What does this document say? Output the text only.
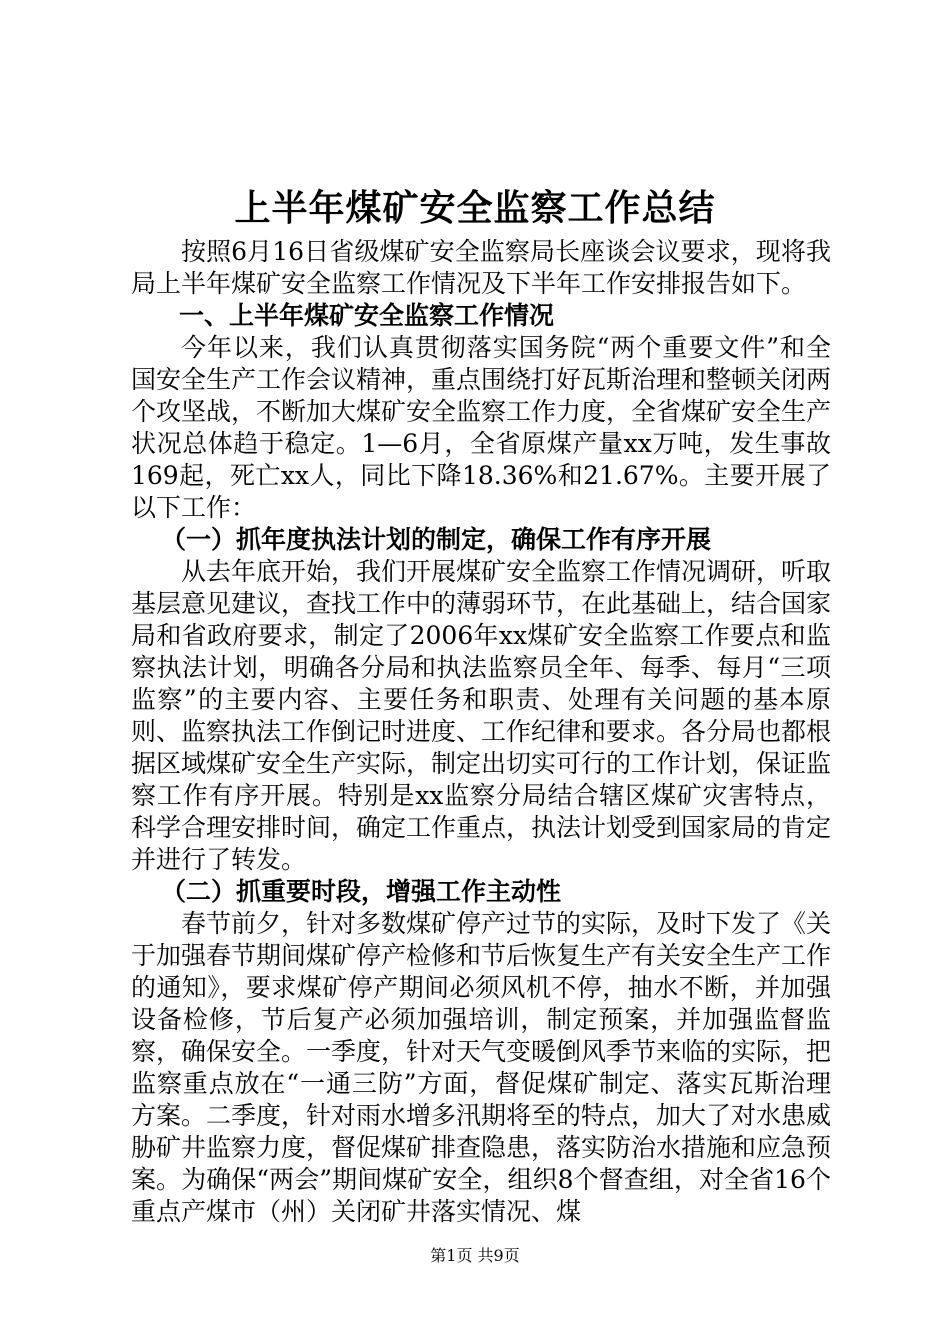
上半年煤矿安全监察工作总结

按照6月16日省级煤矿安全监察局长座谈会议要求，现将我局上半年煤矿安全监察工作情况及下半年工作安排报告如下。

一、上半年煤矿安全监察工作情况

今年以来，我们认真贯彻落实国务院“两个重要文件”和全国安全生产工作会议精神，重点围绕打好瓦斯治理和整顿关闭两个攻坚战，不断加大煤矿安全监察工作力度，全省煤矿安全生产状况总体趋于稳定。1—6月，全省原煤产量xx万吨，发生事故169起，死亡xx人，同比下降18.36%和21.67%。主要开展了以下工作：

（一）抓年度执法计划的制定，确保工作有序开展

从去年底开始，我们开展煤矿安全监察工作情况调研，听取基层意见建议，查找工作中的薄弱环节，在此基础上，结合国家局和省政府要求，制定了2006年xx煤矿安全监察工作要点和监察执法计划，明确各分局和执法监察员全年、每季、每月“三项监察”的主要内容、主要任务和职责、处理有关问题的基本原则、监察执法工作倒记时进度、工作纪律和要求。各分局也都根据区域煤矿安全生产实际，制定出切实可行的工作计划，保证监察工作有序开展。特别是xx监察分局结合辖区煤矿灾害特点，科学合理安排时间，确定工作重点，执法计划受到国家局的肯定并进行了转发。

（二）抓重要时段，增强工作主动性

春节前夕，针对多数煤矿停产过节的实际，及时下发了《关于加强春节期间煤矿停产检修和节后恢复生产有关安全生产工作的通知》，要求煤矿停产期间必须风机不停，抽水不断，并加强设备检修，节后复产必须加强培训，制定预案，并加强监督监察，确保安全。一季度，针对天气变暖倒风季节来临的实际，把监察重点放在“一通三防”方面，督促煤矿制定、落实瓦斯治理方案。二季度，针对雨水增多汛期将至的特点，加大了对水患威胁矿井监察力度，督促煤矿排查隐患，落实防治水措施和应急预案。为确保“两会”期间煤矿安全，组织8个督查组，对全省16个重点产煤市（州）关闭矿井落实情况、煤

第1页 共9页
